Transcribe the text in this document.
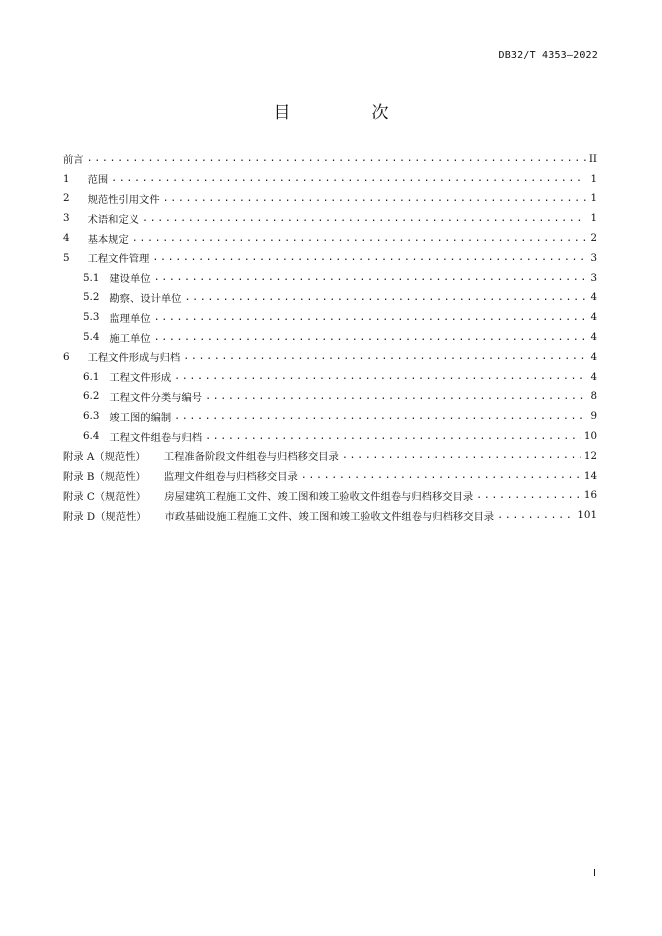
DB32/T 4353—2022
目　次
前言 .....	II
1 范围 .....	1
2 规范性引用文件 .....	1
3 术语和定义 .....	1
4 基本规定 .....	2
5 工程文件管理 .....	3
5.1 建设单位 .....	3
5.2 勘察、设计单位 .....	4
5.3 监理单位 .....	4
5.4 施工单位 .....	4
6 工程文件形成与归档 .....	4
6.1 工程文件形成 .....	4
6.2 工程文件分类与编号 .....	8
6.3 竣工图的编制 .....	9
6.4 工程文件组卷与归档 .....	10
附录 A（规范性） 工程准备阶段文件组卷与归档移交目录 .....	12
附录 B（规范性） 监理文件组卷与归档移交目录 .....	14
附录 C（规范性） 房屋建筑工程施工文件、竣工图和竣工验收文件组卷与归档移交目录 .....	16
附录 D（规范性） 市政基础设施工程施工文件、竣工图和竣工验收文件组卷与归档移交目录 .....	101
I
